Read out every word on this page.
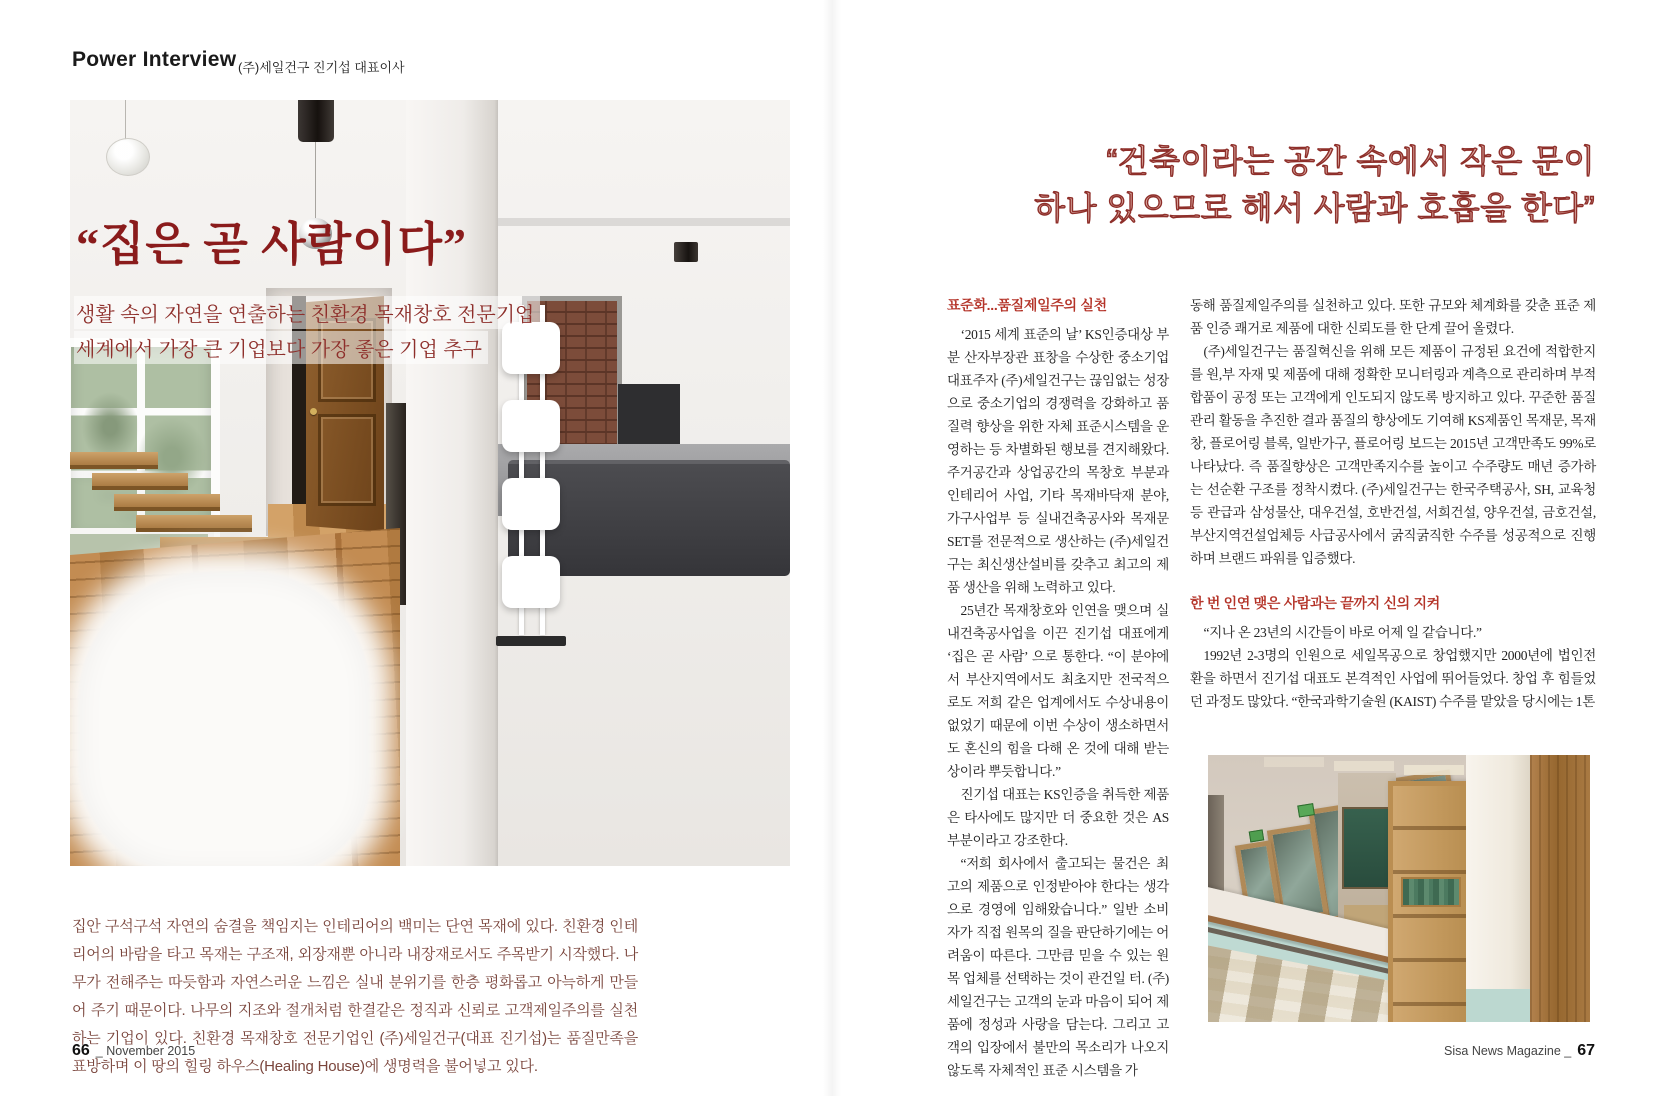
Power Interview (주)세일건구 진기섭 대표이사
“집은 곧 사람이다”
생활 속의 자연을 연출하는 친환경 목재창호 전문기업
세계에서 가장 큰 기업보다 가장 좋은 기업 추구

집안 구석구석 자연의 숨결을 책임지는 인테리어의 백미는 단연 목재에 있다. 친환경 인테리어의 바람을 타고 목재는 구조재, 외장재뿐 아니라 내장재로서도 주목받기 시작했다. 나무가 전해주는 따듯함과 자연스러운 느낌은 실내 분위기를 한층 평화롭고 아늑하게 만들어 주기 때문이다. 나무의 지조와 절개처럼 한결같은 정직과 신뢰로 고객제일주의를 실천하는 기업이 있다. 친환경 목재창호 전문기업인 (주)세일건구(대표 진기섭)는 품질만족을 표방하며 이 땅의 힐링 하우스(Healing House)에 생명력을 불어넣고 있다.

66 _ November 2015
“건축이라는 공간 속에서 작은 문이
하나 있으므로 해서 사람과 호흡을 한다”
표준화...품질제일주의 실천

‘2015 세계 표준의 날’ KS인증대상 부분 산자부장관 표창을 수상한 중소기업 대표주자 (주)세일건구는 끊임없는 성장으로 중소기업의 경쟁력을 강화하고 품질력 향상을 위한 자체 표준시스템을 운영하는 등 차별화된 행보를 견지해왔다. 주거공간과 상업공간의 목창호 부분과 인테리어 사업, 기타 목재바닥재 분야, 가구사업부 등 실내건축공사와 목재문 SET를 전문적으로 생산하는 (주)세일건구는 최신생산설비를 갖추고 최고의 제품 생산을 위해 노력하고 있다.

25년간 목재창호와 인연을 맺으며 실내건축공사업을 이끈 진기섭 대표에게 ‘집은 곧 사람’ 으로 통한다. “이 분야에서 부산지역에서도 최초지만 전국적으로도 저희 같은 업계에서도 수상내용이 없었기 때문에 이번 수상이 생소하면서도 혼신의 힘을 다해 온 것에 대해 받는 상이라 뿌듯합니다.”

진기섭 대표는 KS인증을 취득한 제품은 타사에도 많지만 더 중요한 것은 AS부분이라고 강조한다.

“저희 회사에서 출고되는 물건은 최고의 제품으로 인정받아야 한다는 생각으로 경영에 임해왔습니다.” 일반 소비자가 직접 원목의 질을 판단하기에는 어려움이 따른다. 그만큼 믿을 수 있는 원목 업체를 선택하는 것이 관건일 터. (주)세일건구는 고객의 눈과 마음이 되어 제품에 정성과 사랑을 담는다. 그리고 고객의 입장에서 불만의 목소리가 나오지 않도록 자체적인 표준 시스템을 가

동해 품질제일주의를 실천하고 있다. 또한 규모와 체계화를 갖춘 표준 제품 인증 쾌거로 제품에 대한 신뢰도를 한 단계 끌어 올렸다.

(주)세일건구는 품질혁신을 위해 모든 제품이 규정된 요건에 적합한지를 원,부 자재 및 제품에 대해 정확한 모니터링과 계측으로 관리하며 부적합품이 공정 또는 고객에게 인도되지 않도록 방지하고 있다. 꾸준한 품질관리 활동을 추진한 결과 품질의 향상에도 기여해 KS제품인 목재문, 목재창, 플로어링 블록, 일반가구, 플로어링 보드는 2015년 고객만족도 99%로 나타났다. 즉 품질향상은 고객만족지수를 높이고 수주량도 매년 증가하는 선순환 구조를 정착시켰다. (주)세일건구는 한국주택공사, SH, 교육청등 관급과 삼성물산, 대우건설, 호반건설, 서희건설, 양우건설, 금호건설, 부산지역건설업체등 사급공사에서 굵직굵직한 수주를 성공적으로 진행하며 브랜드 파워를 입증했다.

한 번 인연 맺은 사람과는 끝까지 신의 지켜

“지나 온 23년의 시간들이 바로 어제 일 같습니다.”

1992년 2-3명의 인원으로 세일목공으로 창업했지만 2000년에 법인전환을 하면서 진기섭 대표도 본격적인 사업에 뛰어들었다. 창업 후 힘들었던 과정도 많았다. “한국과학기술원 (KAIST) 수주를 맡았을 당시에는 1톤

Sisa News Magazine _ 67
